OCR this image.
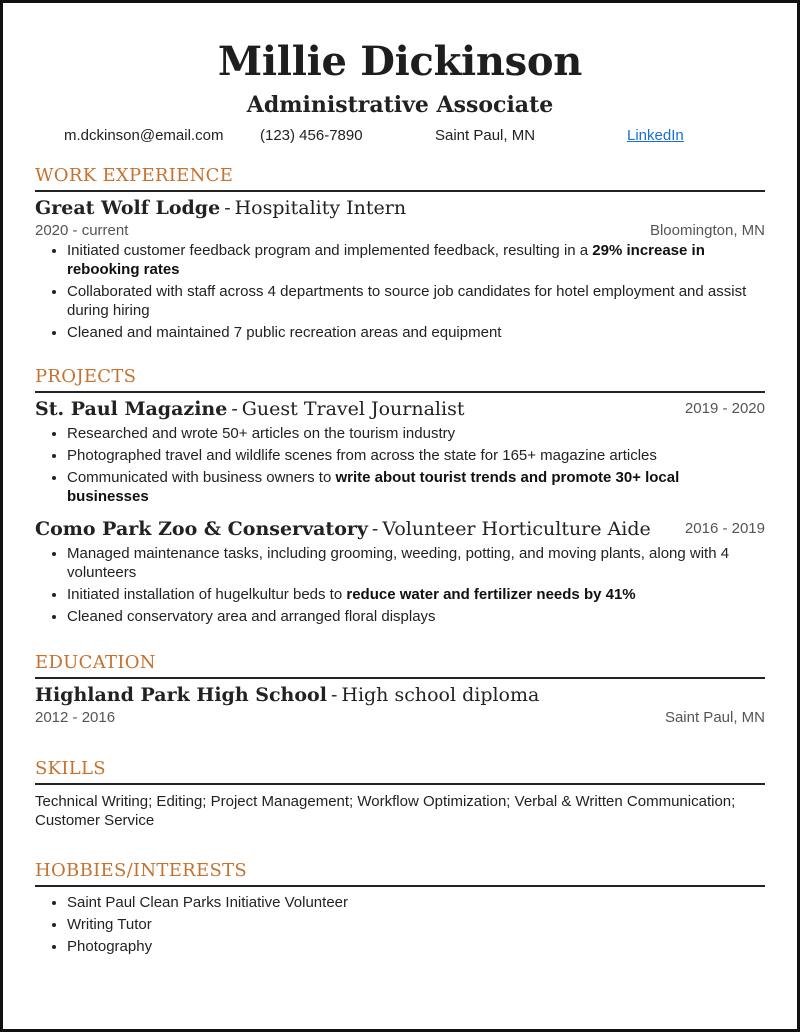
Millie Dickinson
Administrative Associate
m.dckinson@email.com (123) 456-7890	Saint Paul, MN	LinkedIn
WORK EXPERIENCE
Great Wolf Lodge - Hospitality Intern
2020 - current	Bloomington, MN
• Initiated customer feedback program and implemented feedback, resulting in a 29% increase in rebooking rates
• Collaborated with staff across 4 departments to source job candidates for hotel employment and assist during hiring
• Cleaned and maintained 7 public recreation areas and equipment
PROJECTS
St. Paul Magazine - Guest Travel Journalist	2019 - 2020
• Researched and wrote 50+ articles on the tourism industry
• Photographed travel and wildlife scenes from across the state for 165+ magazine articles
• Communicated with business owners to write about tourist trends and promote 30+ local businesses
Como Park Zoo & Conservatory - Volunteer Horticulture Aide 2016 - 2019
• Managed maintenance tasks, including grooming, weeding, potting, and moving plants, along with 4 volunteers
• Initiated installation of hugelkultur beds to reduce water and fertilizer needs by 41%
• Cleaned conservatory area and arranged floral displays
EDUCATION
Highland Park High School - High school diploma
2012 - 2016	Saint Paul, MN
SKILLS
Technical Writing; Editing; Project Management; Workflow Optimization; Verbal & Written Communication; Customer Service
HOBBIES/INTERESTS
• Saint Paul Clean Parks Initiative Volunteer
• Writing Tutor
• Photography
